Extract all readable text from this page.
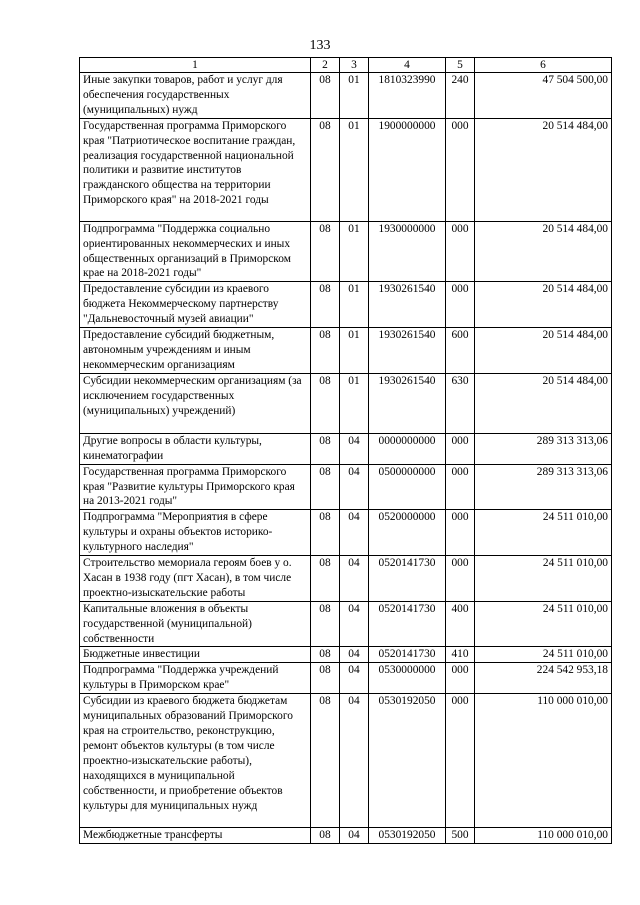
133
1	2	3	4	5	6
Иные закупки товаров, работ и услуг для обеспечения государственных (муниципальных) нужд	08	01	1810323990	240	47 504 500,00
Государственная программа Приморского края "Патриотическое воспитание граждан, реализация государственной национальной политики и развитие институтов гражданского общества на территории Приморского края" на 2018-2021 годы	08	01	1900000000	000	20 514 484,00
Подпрограмма "Поддержка социально ориентированных некоммерческих и иных общественных организаций в Приморском крае на 2018-2021 годы"	08	01	1930000000	000	20 514 484,00
Предоставление субсидии из краевого бюджета Некоммерческому партнерству "Дальневосточный музей авиации"	08	01	1930261540	000	20 514 484,00
Предоставление субсидий бюджетным, автономным учреждениям и иным некоммерческим организациям	08	01	1930261540	600	20 514 484,00
Субсидии некоммерческим организациям (за исключением государственных (муниципальных) учреждений)	08	01	1930261540	630	20 514 484,00
Другие вопросы в области культуры, кинематографии	08	04	0000000000	000	289 313 313,06
Государственная программа Приморского края "Развитие культуры Приморского края на 2013-2021 годы"	08	04	0500000000	000	289 313 313,06
Подпрограмма "Мероприятия в сфере культуры и охраны объектов историко-культурного наследия"	08	04	0520000000	000	24 511 010,00
Строительство мемориала героям боев у о. Хасан в 1938 году (пгт Хасан), в том числе проектно-изыскательские работы	08	04	0520141730	000	24 511 010,00
Капитальные вложения в объекты государственной (муниципальной) собственности	08	04	0520141730	400	24 511 010,00
Бюджетные инвестиции	08	04	0520141730	410	24 511 010,00
Подпрограмма "Поддержка учреждений культуры в Приморском крае"	08	04	0530000000	000	224 542 953,18
Субсидии из краевого бюджета бюджетам муниципальных образований Приморского края на строительство, реконструкцию, ремонт объектов культуры (в том числе проектно-изыскательские работы), находящихся в муниципальной собственности, и приобретение объектов культуры для муниципальных нужд	08	04	0530192050	000	110 000 010,00
Межбюджетные трансферты	08	04	0530192050	500	110 000 010,00
